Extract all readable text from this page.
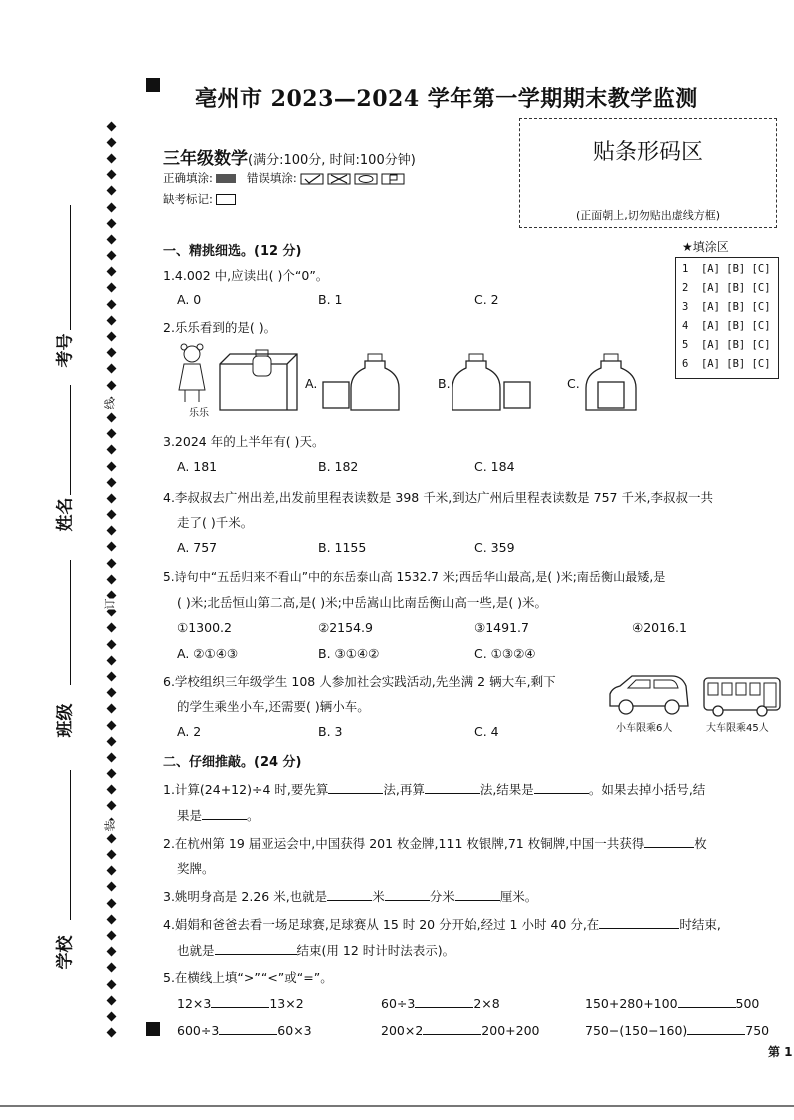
亳州市 2023—2024 学年第一学期期末教学监测
线
订
装
考号
姓名
班级
学校
三年级数学(满分:100分, 时间:100分钟)
正确填涂:	错误填涂:
缺考标记:
贴条形码区
(正面朝上,切勿贴出虚线方框)
★填涂区
1 [A] [B] [C]
2 [A] [B] [C]
3 [A] [B] [C]
4 [A] [B] [C]
5 [A] [B] [C]
6 [A] [B] [C]
一、精挑细选。(12 分)
1.4.002 中,应读出( )个“0”。
A. 0	B. 1	C. 2
2.乐乐看到的是( )。
乐乐
A.	B.	C.
3.2024 年的上半年有( )天。
A. 181	B. 182	C. 184
4.李叔叔去广州出差,出发前里程表读数是 398 千米,到达广州后里程表读数是 757 千米,李叔叔一共
走了( )千米。
A. 757	B. 1155	C. 359
5.诗句中“五岳归来不看山”中的东岳泰山高 1532.7 米;西岳华山最高,是( )米;南岳衡山最矮,是
( )米;北岳恒山第二高,是( )米;中岳嵩山比南岳衡山高一些,是( )米。
①1300.2	②2154.9	③1491.7	④2016.1
A. ②①④③	B. ③①④②	C. ①③②④
6.学校组织三年级学生 108 人参加社会实践活动,先坐满 2 辆大车,剩下
的学生乘坐小车,还需要( )辆小车。
A. 2	B. 3	C. 4	小车限乘6人	大车限乘45人
二、仔细推敲。(24 分)
1.计算(24+12)÷4 时,要先算	法,再算	法,结果是	。如果去掉小括号,结
果是	。
2.在杭州第 19 届亚运会中,中国获得 201 枚金牌,111 枚银牌,71 枚铜牌,中国一共获得	枚
奖牌。
3.姚明身高是 2.26 米,也就是	米	分米	厘米。
4.娟娟和爸爸去看一场足球赛,足球赛从 15 时 20 分开始,经过 1 小时 40 分,在	时结束,
也就是	结束(用 12 时计时法表示)。
5.在横线上填“>”“<”或“=”。
12×3	13×2	60÷3	2×8	150+280+100	500
600÷3	60×3	200×2	200+200	750−(150−160)	750
第 1
